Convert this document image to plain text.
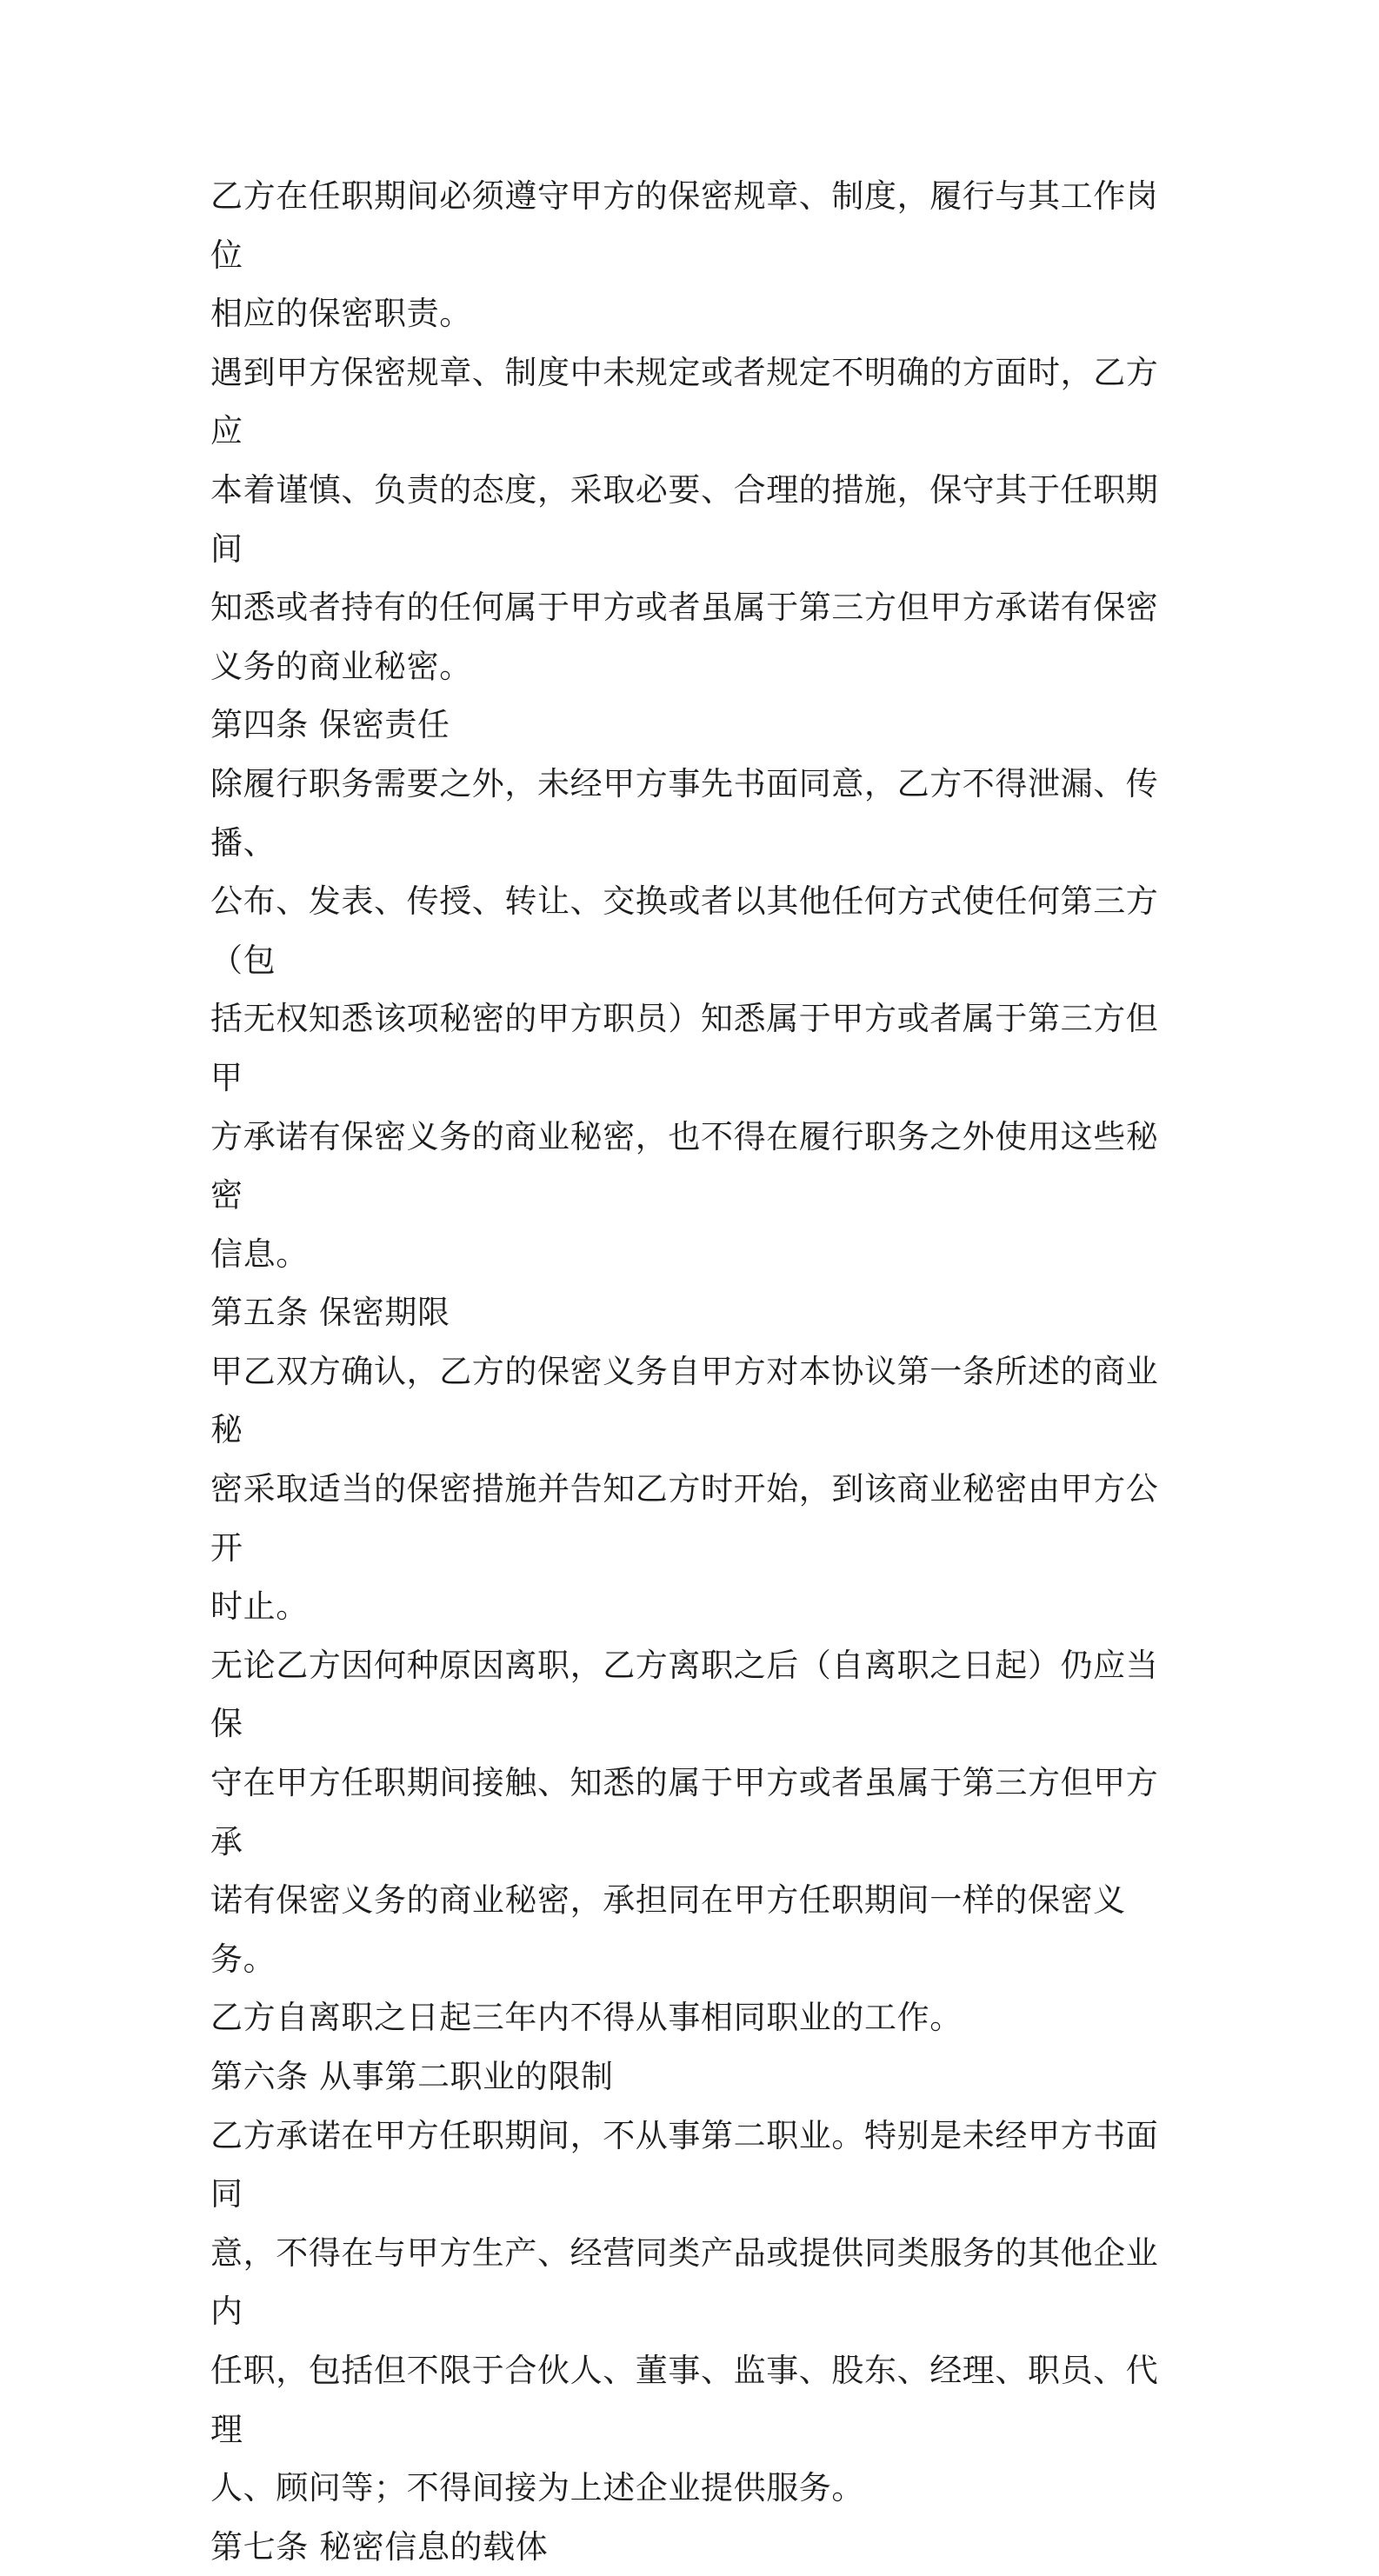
乙方在任职期间必须遵守甲方的保密规章、制度，履行与其工作岗位

相应的保密职责。

遇到甲方保密规章、制度中未规定或者规定不明确的方面时，乙方应

本着谨慎、负责的态度，采取必要、合理的措施，保守其于任职期间

知悉或者持有的任何属于甲方或者虽属于第三方但甲方承诺有保密

义务的商业秘密。

第四条 保密责任

除履行职务需要之外，未经甲方事先书面同意，乙方不得泄漏、传播、

公布、发表、传授、转让、交换或者以其他任何方式使任何第三方（包

括无权知悉该项秘密的甲方职员）知悉属于甲方或者属于第三方但甲

方承诺有保密义务的商业秘密，也不得在履行职务之外使用这些秘密

信息。

第五条 保密期限

甲乙双方确认，乙方的保密义务自甲方对本协议第一条所述的商业秘

密采取适当的保密措施并告知乙方时开始，到该商业秘密由甲方公开

时止。

无论乙方因何种原因离职，乙方离职之后（自离职之日起）仍应当保

守在甲方任职期间接触、知悉的属于甲方或者虽属于第三方但甲方承

诺有保密义务的商业秘密，承担同在甲方任职期间一样的保密义务。

乙方自离职之日起三年内不得从事相同职业的工作。

第六条 从事第二职业的限制

乙方承诺在甲方任职期间，不从事第二职业。特别是未经甲方书面同

意，不得在与甲方生产、经营同类产品或提供同类服务的其他企业内

任职，包括但不限于合伙人、董事、监事、股东、经理、职员、代理

人、顾问等；不得间接为上述企业提供服务。

第七条 秘密信息的载体
